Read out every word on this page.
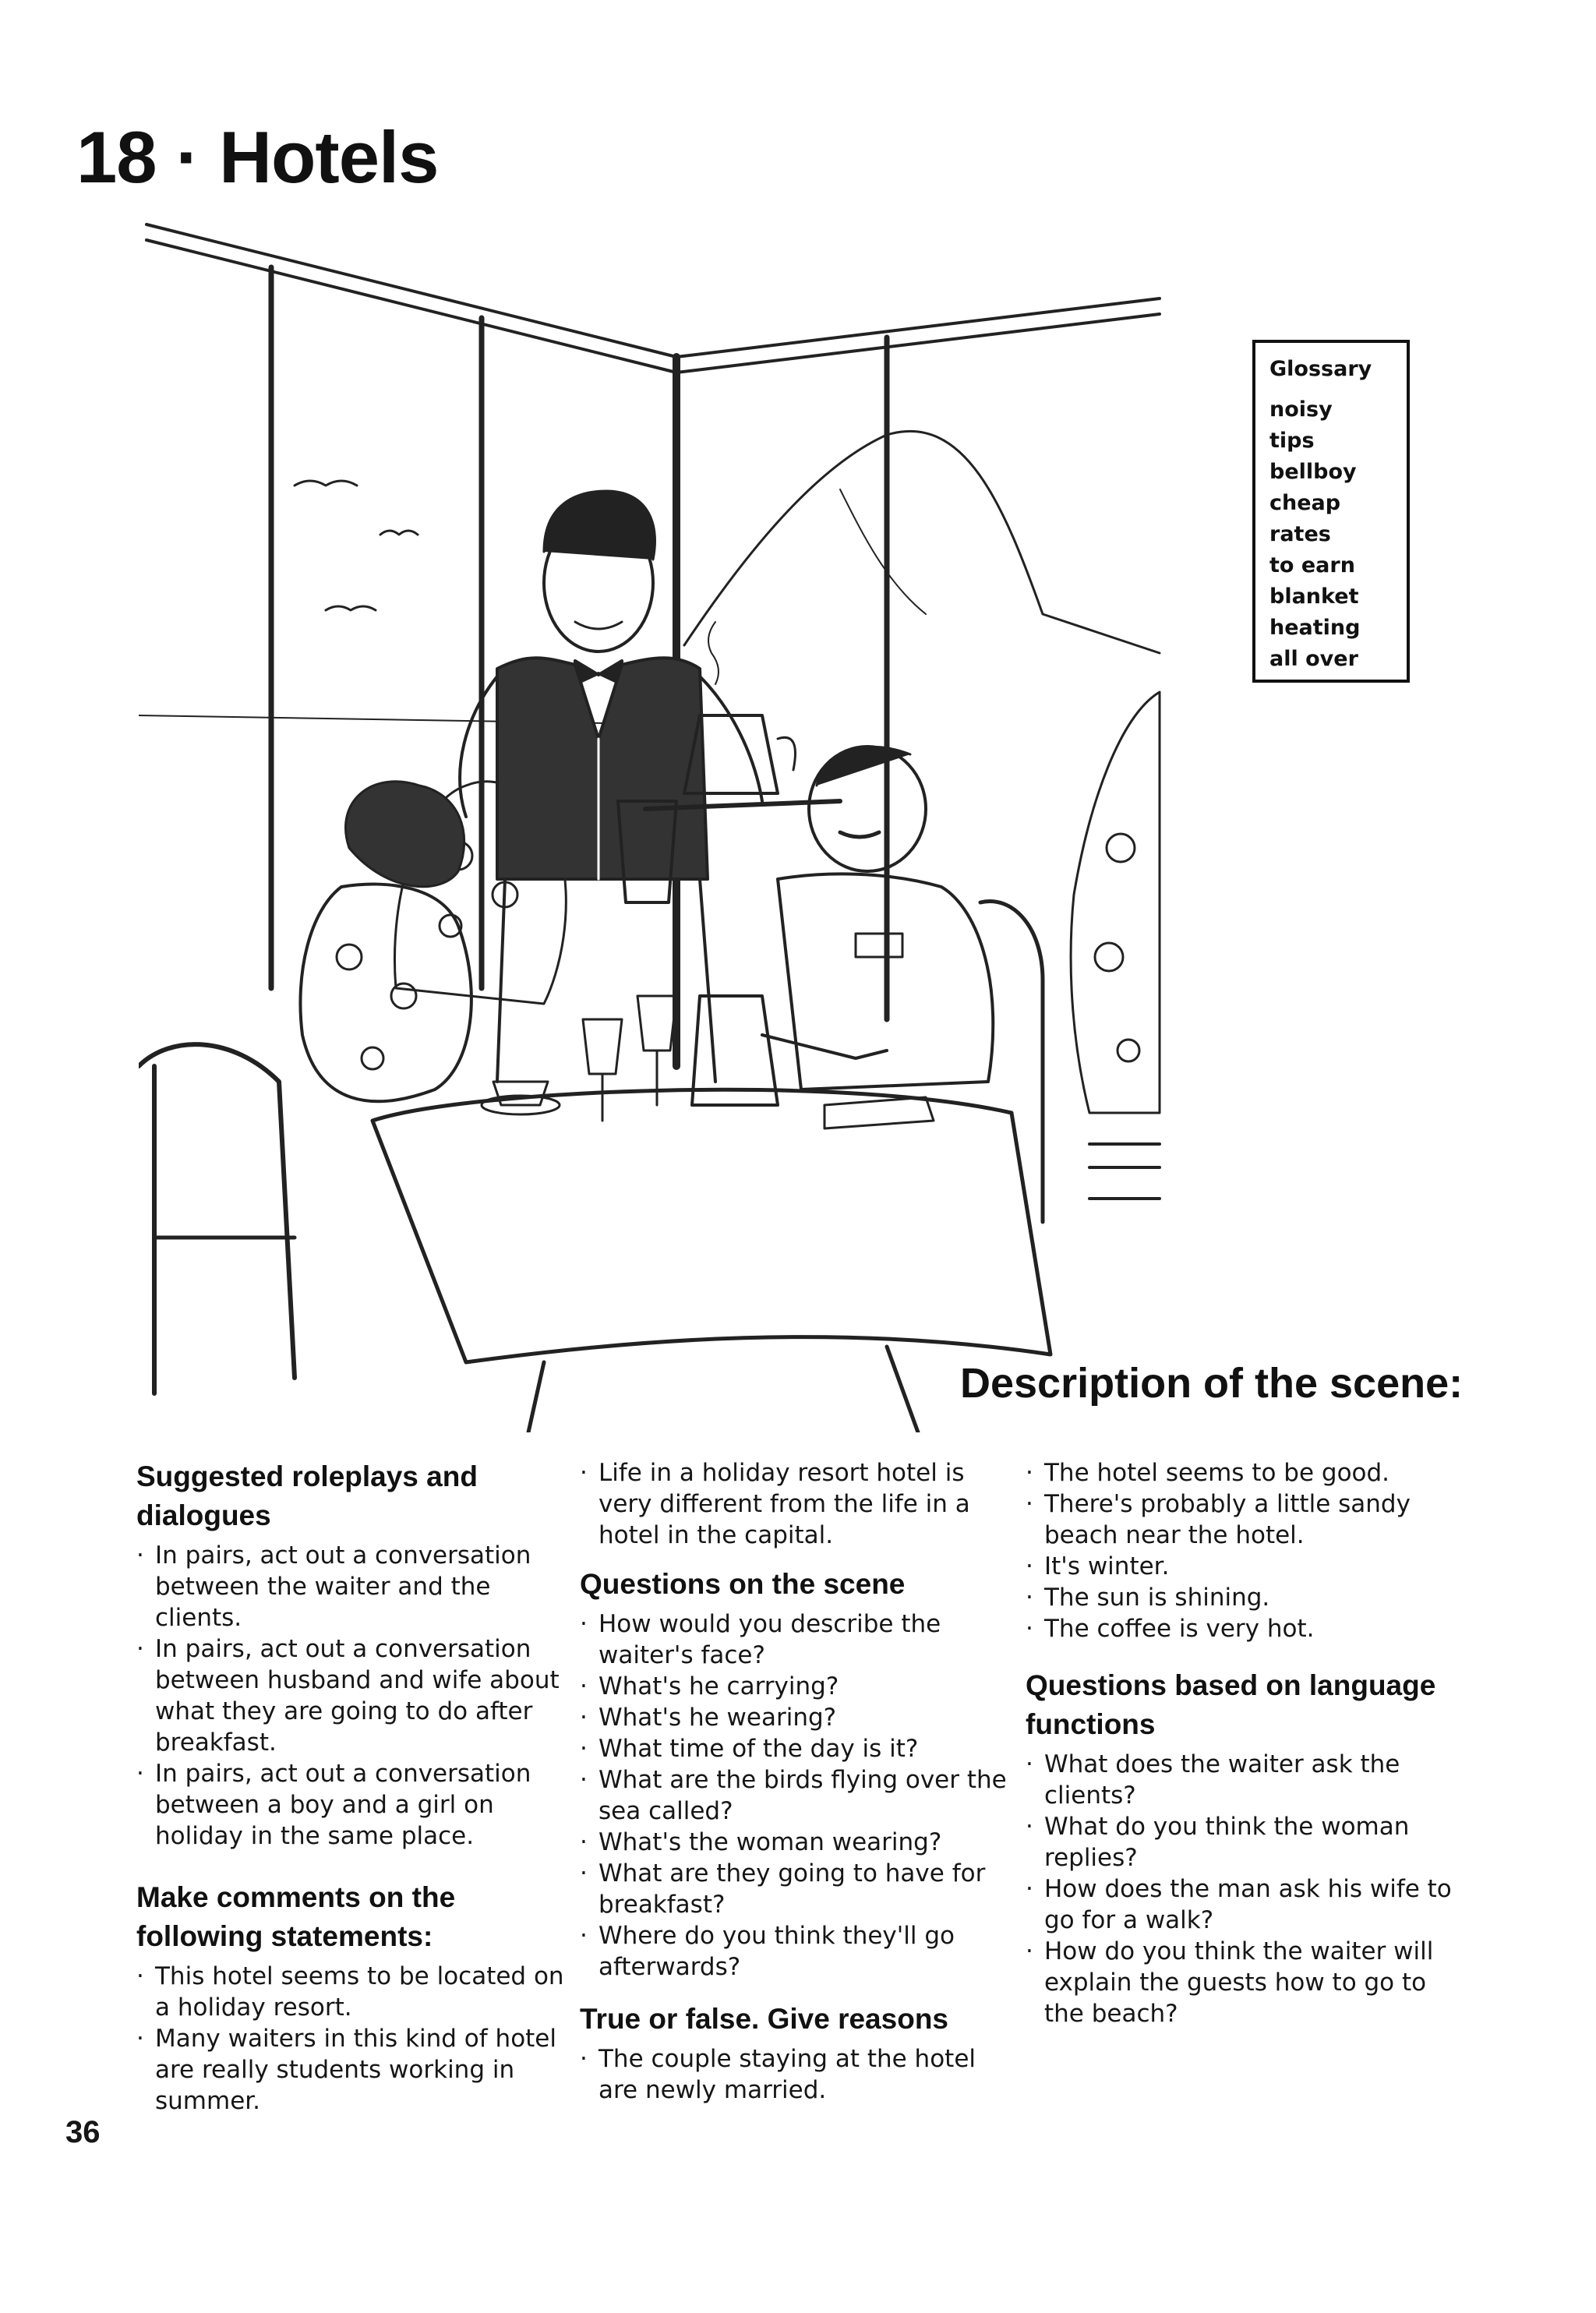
18 · Hotels
Glossary
noisy
tips
bellboy
cheap
rates
to earn
blanket
heating
all over
Description of the scene:
Suggested roleplays and dialogues
· In pairs, act out a conversation between the waiter and the clients.
· In pairs, act out a conversation between husband and wife about what they are going to do after breakfast.
· In pairs, act out a conversation between a boy and a girl on holiday in the same place.
Make comments on the following statements:
· This hotel seems to be located on a holiday resort.
· Many waiters in this kind of hotel are really students working in summer.
· Life in a holiday resort hotel is very different from the life in a hotel in the capital.
Questions on the scene
· How would you describe the waiter's face?
· What's he carrying?
· What's he wearing?
· What time of the day is it?
· What are the birds flying over the sea called?
· What's the woman wearing?
· What are they going to have for breakfast?
· Where do you think they'll go afterwards?
True or false. Give reasons
· The couple staying at the hotel are newly married.
· The hotel seems to be good.
· There's probably a little sandy beach near the hotel.
· It's winter.
· The sun is shining.
· The coffee is very hot.
Questions based on language functions
· What does the waiter ask the clients?
· What do you think the woman replies?
· How does the man ask his wife to go for a walk?
· How do you think the waiter will explain the guests how to go to the beach?
36
